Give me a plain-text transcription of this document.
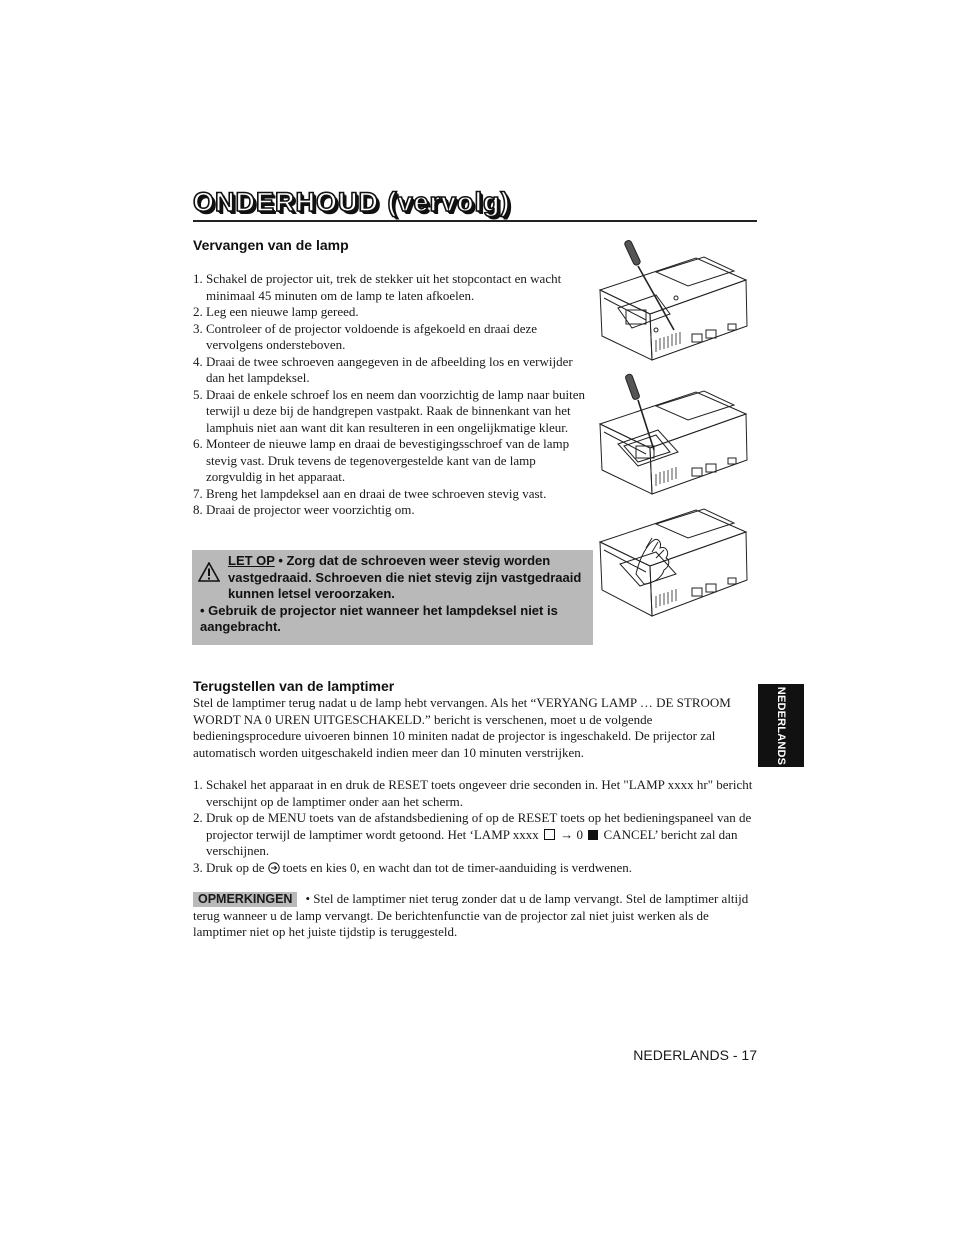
ONDERHOUD (vervolg)
Vervangen van de lamp
1. Schakel de projector uit, trek de stekker uit het stopcontact en wacht minimaal 45 minuten om de lamp te laten afkoelen.
2. Leg een nieuwe lamp gereed.
3. Controleer of de projector voldoende is afgekoeld en draai deze vervolgens ondersteboven.
4. Draai de twee schroeven aangegeven in de afbeelding los en verwijder dan het lampdeksel.
5. Draai de enkele schroef los en neem dan voorzichtig de lamp naar buiten terwijl u deze bij de handgrepen vastpakt. Raak de binnenkant van het lamphuis niet aan want dit kan resulteren in een ongelijkmatige kleur.
6. Monteer de nieuwe lamp en draai de bevestigingsschroef van de lamp stevig vast. Druk tevens de tegenovergestelde kant van de lamp zorgvuldig in het apparaat.
7. Breng het lampdeksel aan en draai de twee schroeven stevig vast.
8. Draai de projector weer voorzichtig om.
LET OP • Zorg dat de schroeven weer stevig worden vastgedraaid. Schroeven die niet stevig zijn vastgedraaid kunnen letsel veroorzaken.
• Gebruik de projector niet wanneer het lampdeksel niet is aangebracht.
Terugstellen van de lamptimer
Stel de lamptimer terug nadat u de lamp hebt vervangen. Als het “VERYANG LAMP … DE STROOM WORDT NA 0 UREN UITGESCHAKELD.” bericht is verschenen, moet u de volgende bedieningsprocedure uivoeren binnen 10 miniten nadat de projector is ingeschakeld. De prijector zal automatisch worden uitgeschakeld indien meer dan 10 minuten verstrijken.
1. Schakel het apparaat in en druk de RESET toets ongeveer drie seconden in. Het "LAMP xxxx hr" bericht verschijnt op de lamptimer onder aan het scherm.
2. Druk op de MENU toets van de afstandsbediening of op de RESET toets op het bedieningspaneel van de projector terwijl de lamptimer wordt getoond. Het ‘LAMP xxxx → 0 CANCEL’ bericht zal dan verschijnen.
3. Druk op de toets en kies 0, en wacht dan tot de timer-aanduiding is verdwenen.
OPMERKINGEN • Stel de lamptimer niet terug zonder dat u de lamp vervangt. Stel de lamptimer altijd terug wanneer u de lamp vervangt. De berichtenfunctie van de projector zal niet juist werken als de lamptimer niet op het juiste tijdstip is teruggesteld.
NEDERLANDS
NEDERLANDS - 17
